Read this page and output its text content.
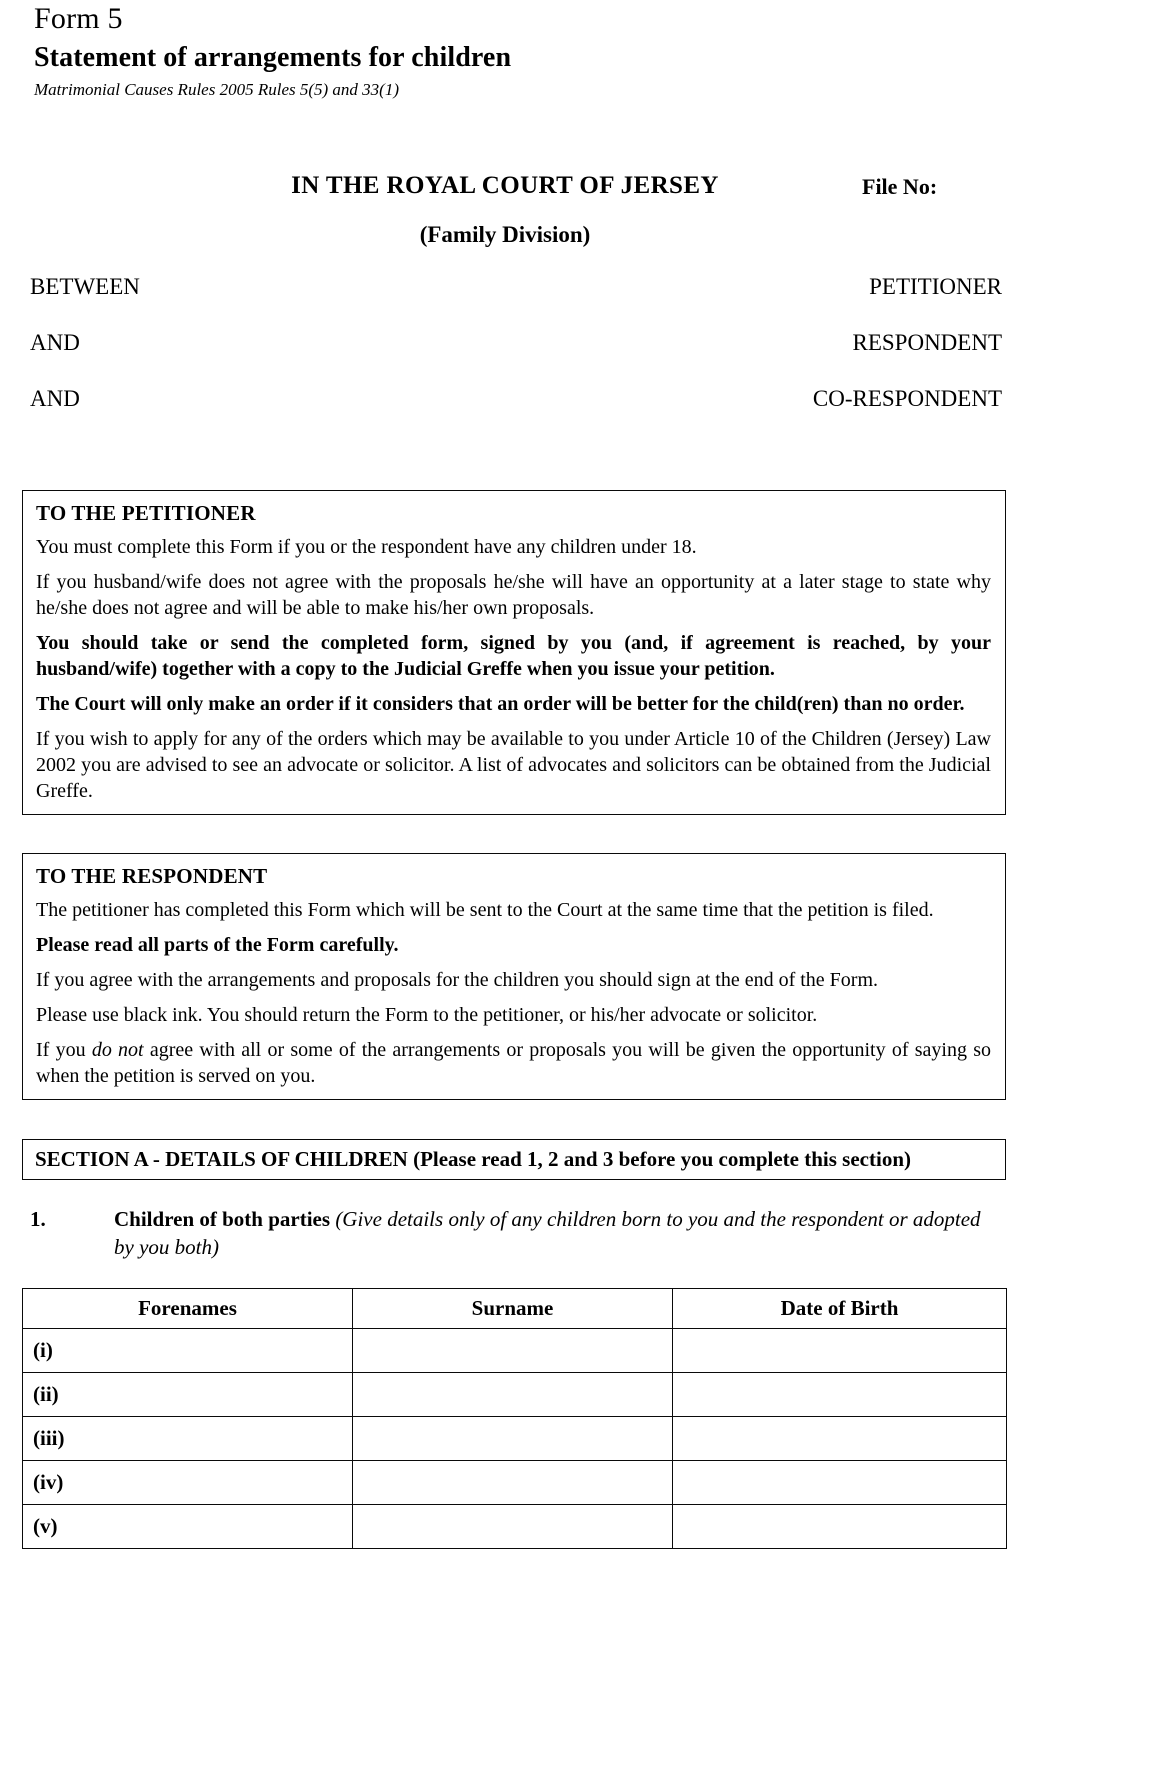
Form 5
Statement of arrangements for children
Matrimonial Causes Rules 2005 Rules 5(5) and 33(1)
IN THE ROYAL COURT OF JERSEY	File No:
(Family Division)
BETWEEN	PETITIONER
AND	RESPONDENT
AND	CO-RESPONDENT
TO THE PETITIONER

You must complete this Form if you or the respondent have any children under 18.

If you husband/wife does not agree with the proposals he/she will have an opportunity at a later stage to state why he/she does not agree and will be able to make his/her own proposals.

You should take or send the completed form, signed by you (and, if agreement is reached, by your husband/wife) together with a copy to the Judicial Greffe when you issue your petition.

The Court will only make an order if it considers that an order will be better for the child(ren) than no order.

If you wish to apply for any of the orders which may be available to you under Article 10 of the Children (Jersey) Law 2002 you are advised to see an advocate or solicitor. A list of advocates and solicitors can be obtained from the Judicial Greffe.

TO THE RESPONDENT

The petitioner has completed this Form which will be sent to the Court at the same time that the petition is filed.

Please read all parts of the Form carefully.

If you agree with the arrangements and proposals for the children you should sign at the end of the Form.

Please use black ink. You should return the Form to the petitioner, or his/her advocate or solicitor.

If you do not agree with all or some of the arrangements or proposals you will be given the opportunity of saying so when the petition is served on you.

SECTION A - DETAILS OF CHILDREN (Please read 1, 2 and 3 before you complete this section)
1.	Children of both parties (Give details only of any children born to you and the respondent or adopted by you both)
Forenames	Surname	Date of Birth
(i)		
(ii)		
(iii)		
(iv)		
(v)		
